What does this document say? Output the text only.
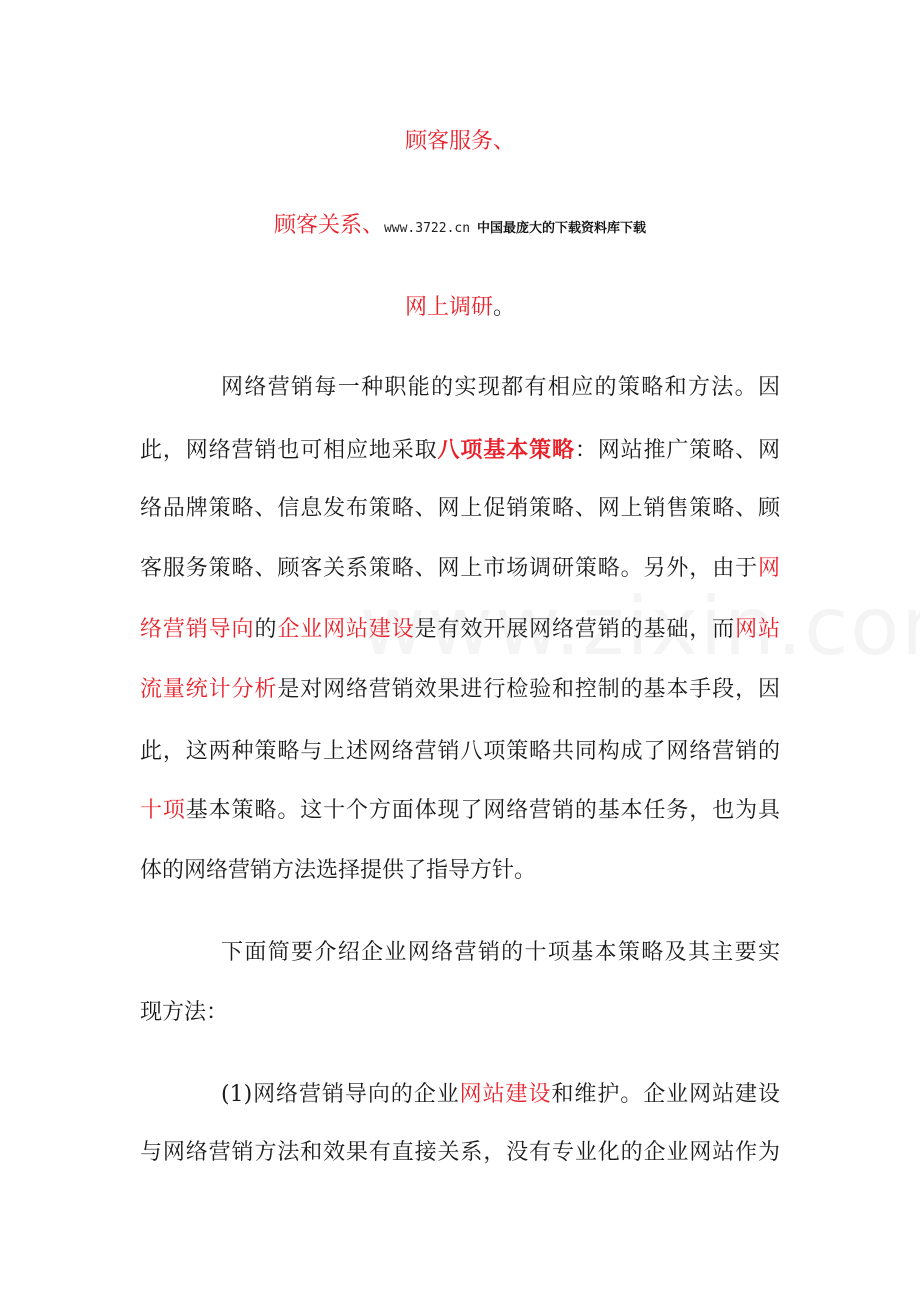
顾客服务、
顾客关系、www.3722.cn 中国最庞大的下载资料库下载
网上调研。
网络营销每一种职能的实现都有相应的策略和方法。因
此，网络营销也可相应地采取八项基本策略：网站推广策略、网
络品牌策略、信息发布策略、网上促销策略、网上销售策略、顾
客服务策略、顾客关系策略、网上市场调研策略。另外，由于网
络营销导向的企业网站建设是有效开展网络营销的基础，而网站
流量统计分析是对网络营销效果进行检验和控制的基本手段，因
此，这两种策略与上述网络营销八项策略共同构成了网络营销的
十项基本策略。这十个方面体现了网络营销的基本任务，也为具
体的网络营销方法选择提供了指导方针。
下面简要介绍企业网络营销的十项基本策略及其主要实
现方法：
(1)网络营销导向的企业网站建设和维护。企业网站建设
与网络营销方法和效果有直接关系，没有专业化的企业网站作为
